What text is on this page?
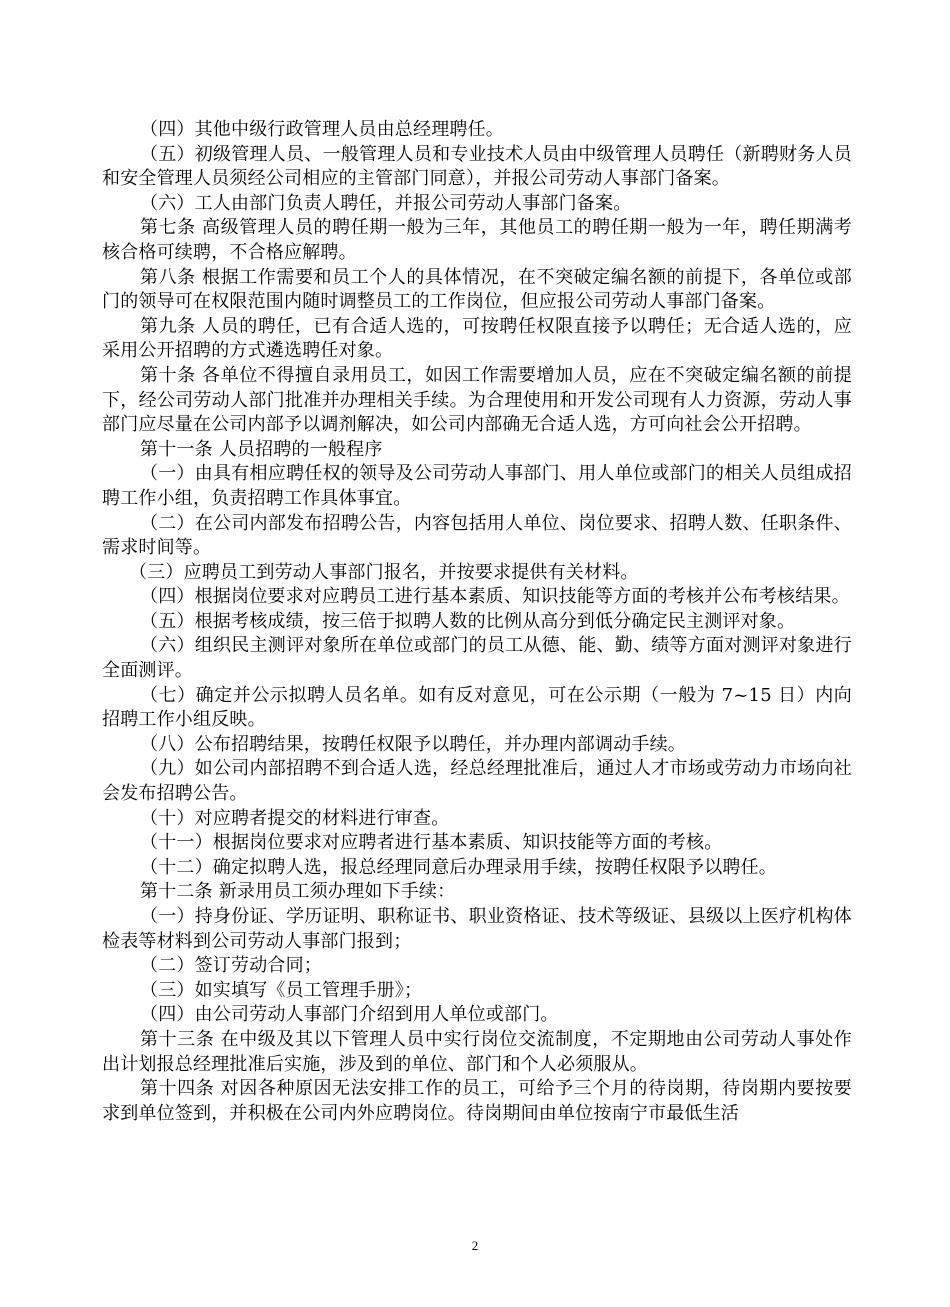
（四）其他中级行政管理人员由总经理聘任。

（五）初级管理人员、一般管理人员和专业技术人员由中级管理人员聘任（新聘财务人员和安全管理人员须经公司相应的主管部门同意），并报公司劳动人事部门备案。

（六）工人由部门负责人聘任，并报公司劳动人事部门备案。

第七条 高级管理人员的聘任期一般为三年，其他员工的聘任期一般为一年，聘任期满考核合格可续聘，不合格应解聘。

第八条 根据工作需要和员工个人的具体情况，在不突破定编名额的前提下，各单位或部门的领导可在权限范围内随时调整员工的工作岗位，但应报公司劳动人事部门备案。

第九条 人员的聘任，已有合适人选的，可按聘任权限直接予以聘任；无合适人选的，应采用公开招聘的方式遴选聘任对象。

第十条 各单位不得擅自录用员工，如因工作需要增加人员，应在不突破定编名额的前提下，经公司劳动人部门批准并办理相关手续。为合理使用和开发公司现有人力资源，劳动人事部门应尽量在公司内部予以调剂解决，如公司内部确无合适人选，方可向社会公开招聘。

第十一条 人员招聘的一般程序

（一）由具有相应聘任权的领导及公司劳动人事部门、用人单位或部门的相关人员组成招聘工作小组，负责招聘工作具体事宜。

（二）在公司内部发布招聘公告，内容包括用人单位、岗位要求、招聘人数、任职条件、需求时间等。

（三）应聘员工到劳动人事部门报名，并按要求提供有关材料。

（四）根据岗位要求对应聘员工进行基本素质、知识技能等方面的考核并公布考核结果。

（五）根据考核成绩，按三倍于拟聘人数的比例从高分到低分确定民主测评对象。

（六）组织民主测评对象所在单位或部门的员工从德、能、勤、绩等方面对测评对象进行全面测评。

（七）确定并公示拟聘人员名单。如有反对意见，可在公示期（一般为 7~15 日）内向招聘工作小组反映。

（八）公布招聘结果，按聘任权限予以聘任，并办理内部调动手续。

（九）如公司内部招聘不到合适人选，经总经理批准后，通过人才市场或劳动力市场向社会发布招聘公告。

（十）对应聘者提交的材料进行审查。

（十一）根据岗位要求对应聘者进行基本素质、知识技能等方面的考核。

（十二）确定拟聘人选，报总经理同意后办理录用手续，按聘任权限予以聘任。

第十二条 新录用员工须办理如下手续：

（一）持身份证、学历证明、职称证书、职业资格证、技术等级证、县级以上医疗机构体检表等材料到公司劳动人事部门报到；

（二）签订劳动合同；

（三）如实填写《员工管理手册》；

（四）由公司劳动人事部门介绍到用人单位或部门。

第十三条 在中级及其以下管理人员中实行岗位交流制度，不定期地由公司劳动人事处作出计划报总经理批准后实施，涉及到的单位、部门和个人必须服从。

第十四条 对因各种原因无法安排工作的员工，可给予三个月的待岗期，待岗期内要按要求到单位签到，并积极在公司内外应聘岗位。待岗期间由单位按南宁市最低生活

2
